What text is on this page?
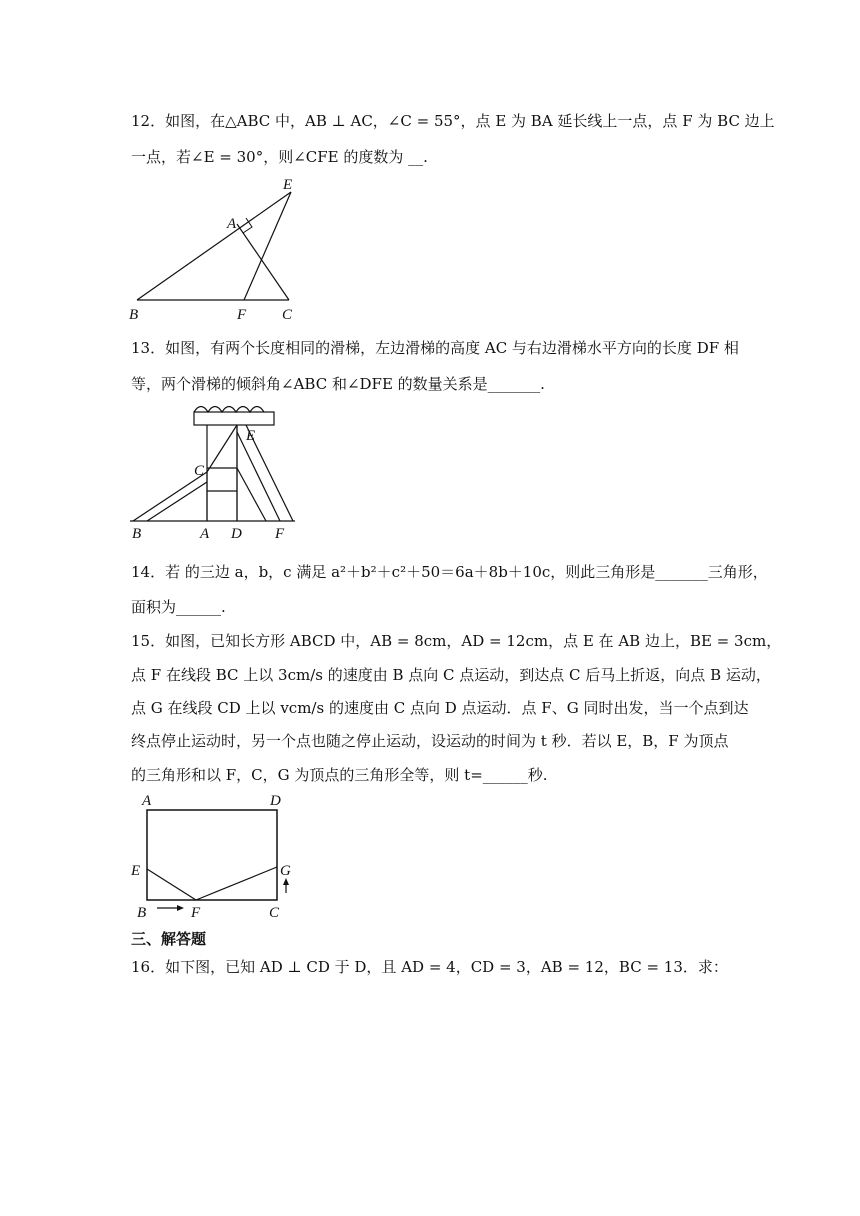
12．如图，在△ABC 中，AB ⊥ AC，∠C = 55°，点 E 为 BA 延长线上一点，点 F 为 BC 边上
一点，若∠E = 30°，则∠CFE 的度数为 __.
E
A
B	F C
13．如图，有两个长度相同的滑梯，左边滑梯的高度 AC 与右边滑梯水平方向的长度 DF 相
等，两个滑梯的倾斜角∠ABC 和∠DFE 的数量关系是_______.
E
C
B	A D F
14．若 的三边 a，b，c 满足 a²＋b²＋c²＋50＝6a＋8b＋10c，则此三角形是_______三角形，
面积为______.
15．如图，已知长方形 ABCD 中，AB = 8cm，AD = 12cm，点 E 在 AB 边上，BE = 3cm，
点 F 在线段 BC 上以 3cm/s 的速度由 B 点向 C 点运动，到达点 C 后马上折返，向点 B 运动，
点 G 在线段 CD 上以 vcm/s 的速度由 C 点向 D 点运动．点 F、G 同时出发，当一个点到达
终点停止运动时，另一个点也随之停止运动，设运动的时间为 t 秒．若以 E，B，F 为顶点
的三角形和以 F，C，G 为顶点的三角形全等，则 t=______秒.
A	D
E	G
B	F	C
三、解答题
16．如下图，已知 AD ⊥ CD 于 D，且 AD = 4，CD = 3，AB = 12，BC = 13．求：
